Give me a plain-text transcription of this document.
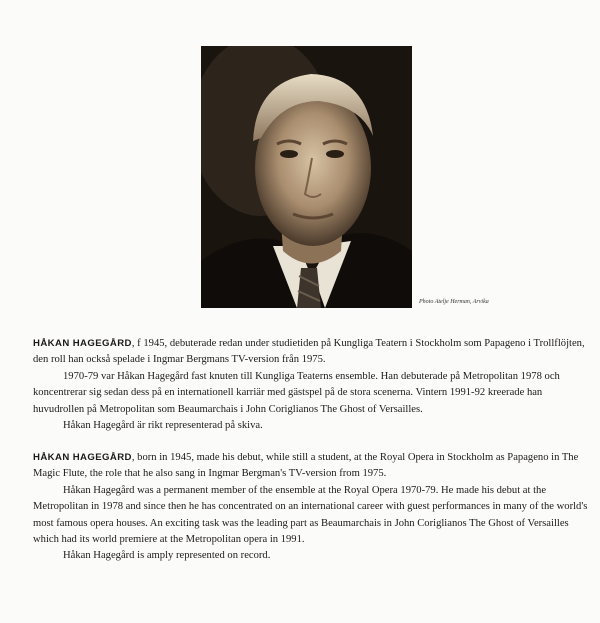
Photo Atelje Herman, Arvika

HÅKAN HAGEGÅRD, f 1945, debuterade redan under studietiden på Kungliga Teatern i Stockholm som Papageno i Trollflöjten, den roll han också spelade i Ingmar Bergmans TV-version från 1975.

1970-79 var Håkan Hagegård fast knuten till Kungliga Teaterns ensemble. Han debuterade på Metropolitan 1978 och koncentrerar sig sedan dess på en internationell karriär med gästspel på de stora scenerna. Vintern 1991-92 kreerade han huvudrollen på Metropolitan som Beaumarchais i John Coriglianos The Ghost of Versailles.

Håkan Hagegård är rikt representerad på skiva.

HÅKAN HAGEGÅRD, born in 1945, made his debut, while still a student, at the Royal Opera in Stockholm as Papageno in The Magic Flute, the role that he also sang in Ingmar Bergman's TV-version from 1975.

Håkan Hagegård was a permanent member of the ensemble at the Royal Opera 1970-79. He made his debut at the Metropolitan in 1978 and since then he has concentrated on an international career with guest performances in many of the world's most famous opera houses. An exciting task was the leading part as Beaumarchais in John Coriglianos The Ghost of Versailles which had its world premiere at the Metropolitan opera in 1991.

Håkan Hagegård is amply represented on record.
